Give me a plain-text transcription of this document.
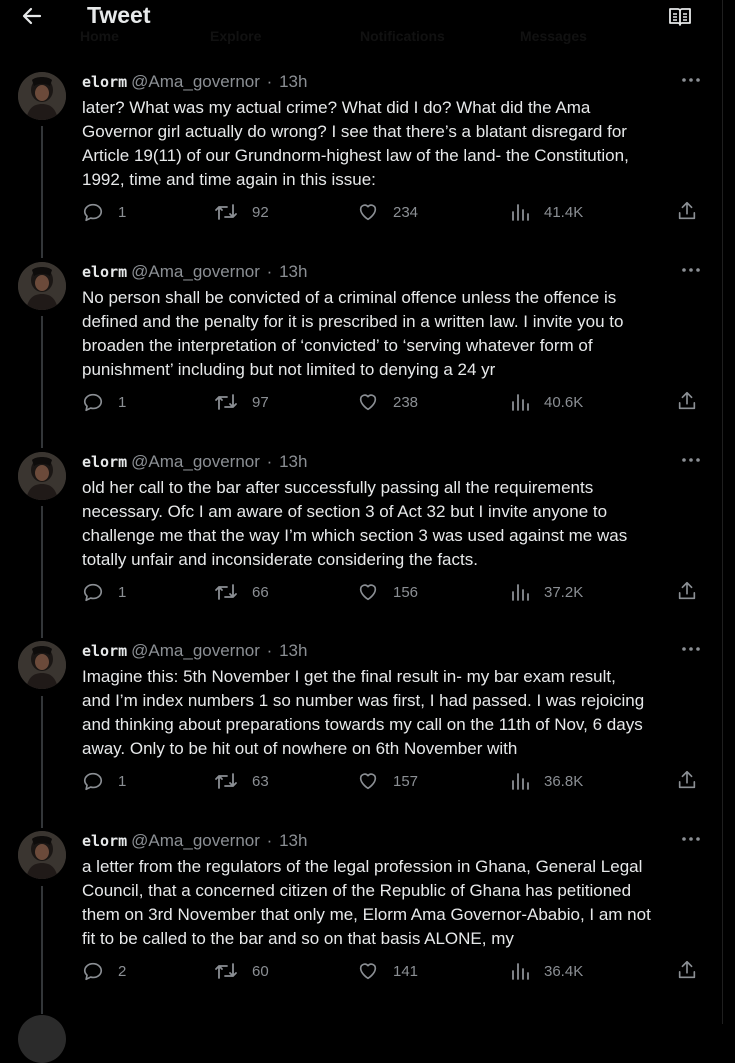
Tweet
Home	Explore	Notifications	Messages
elorm @Ama_governor · 13h
later? What was my actual crime? What did I do? What did the Ama
Governor girl actually do wrong? I see that there’s a blatant disregard for
Article 19(11) of our Grundnorm-highest law of the land- the Constitution,
1992, time and time again in this issue:
1	92	234	41.4K
elorm @Ama_governor · 13h
No person shall be convicted of a criminal offence unless the offence is
defined and the penalty for it is prescribed in a written law. I invite you to
broaden the interpretation of ‘convicted’ to ‘serving whatever form of
punishment’ including but not limited to denying a 24 yr
1	97	238	40.6K
elorm @Ama_governor · 13h
old her call to the bar after successfully passing all the requirements
necessary. Ofc I am aware of section 3 of Act 32 but I invite anyone to
challenge me that the way I’m which section 3 was used against me was
totally unfair and inconsiderate considering the facts.
1	66	156	37.2K
elorm @Ama_governor · 13h
Imagine this: 5th November I get the final result in- my bar exam result,
and I’m index numbers 1 so number was first, I had passed. I was rejoicing
and thinking about preparations towards my call on the 11th of Nov, 6 days
away. Only to be hit out of nowhere on 6th November with
1	63	157	36.8K
elorm @Ama_governor · 13h
a letter from the regulators of the legal profession in Ghana, General Legal
Council, that a concerned citizen of the Republic of Ghana has petitioned
them on 3rd November that only me, Elorm Ama Governor-Ababio, I am not
fit to be called to the bar and so on that basis ALONE, my
2	60	141	36.4K
